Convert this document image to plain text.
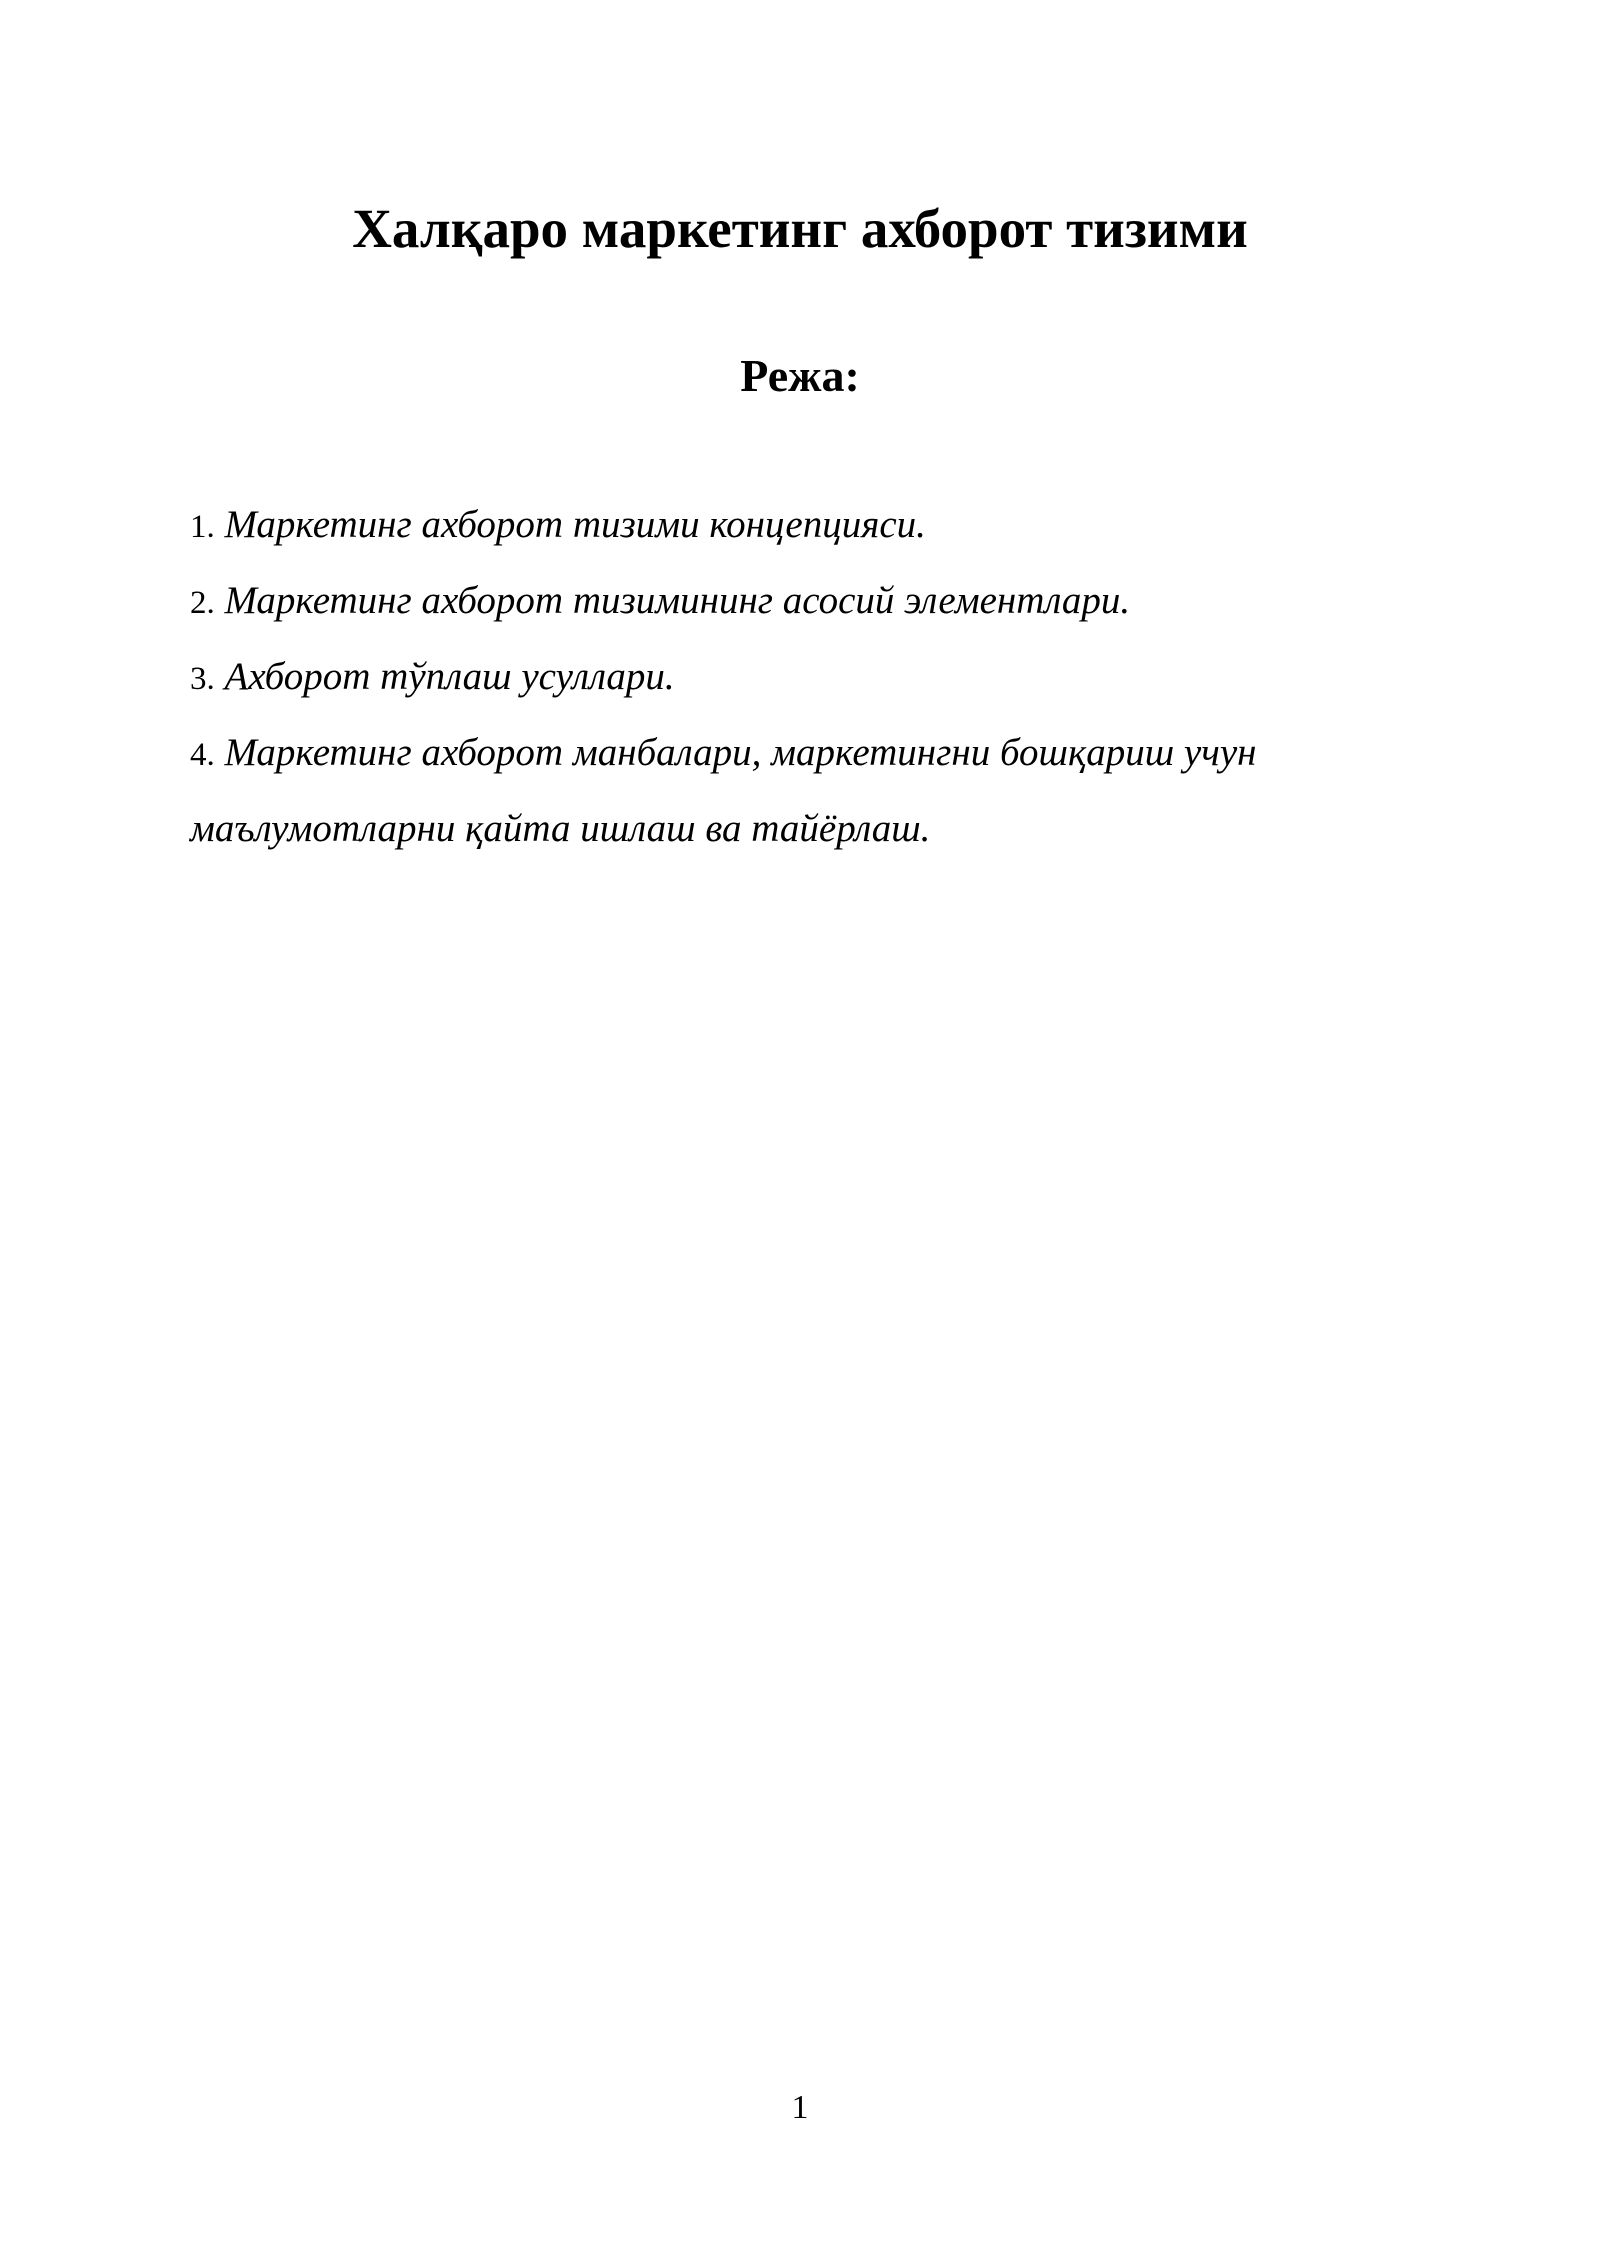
Халқаро маркетинг ахборот тизими
Режа:
1. Маркетинг ахборот тизими концепцияси.
2. Маркетинг ахборот тизимининг асосий элементлари.
3. Ахборот тўплаш усуллари.
4. Маркетинг ахборот манбалари, маркетингни бошқариш учун маълумотларни қайта ишлаш ва тайёрлаш.
1
